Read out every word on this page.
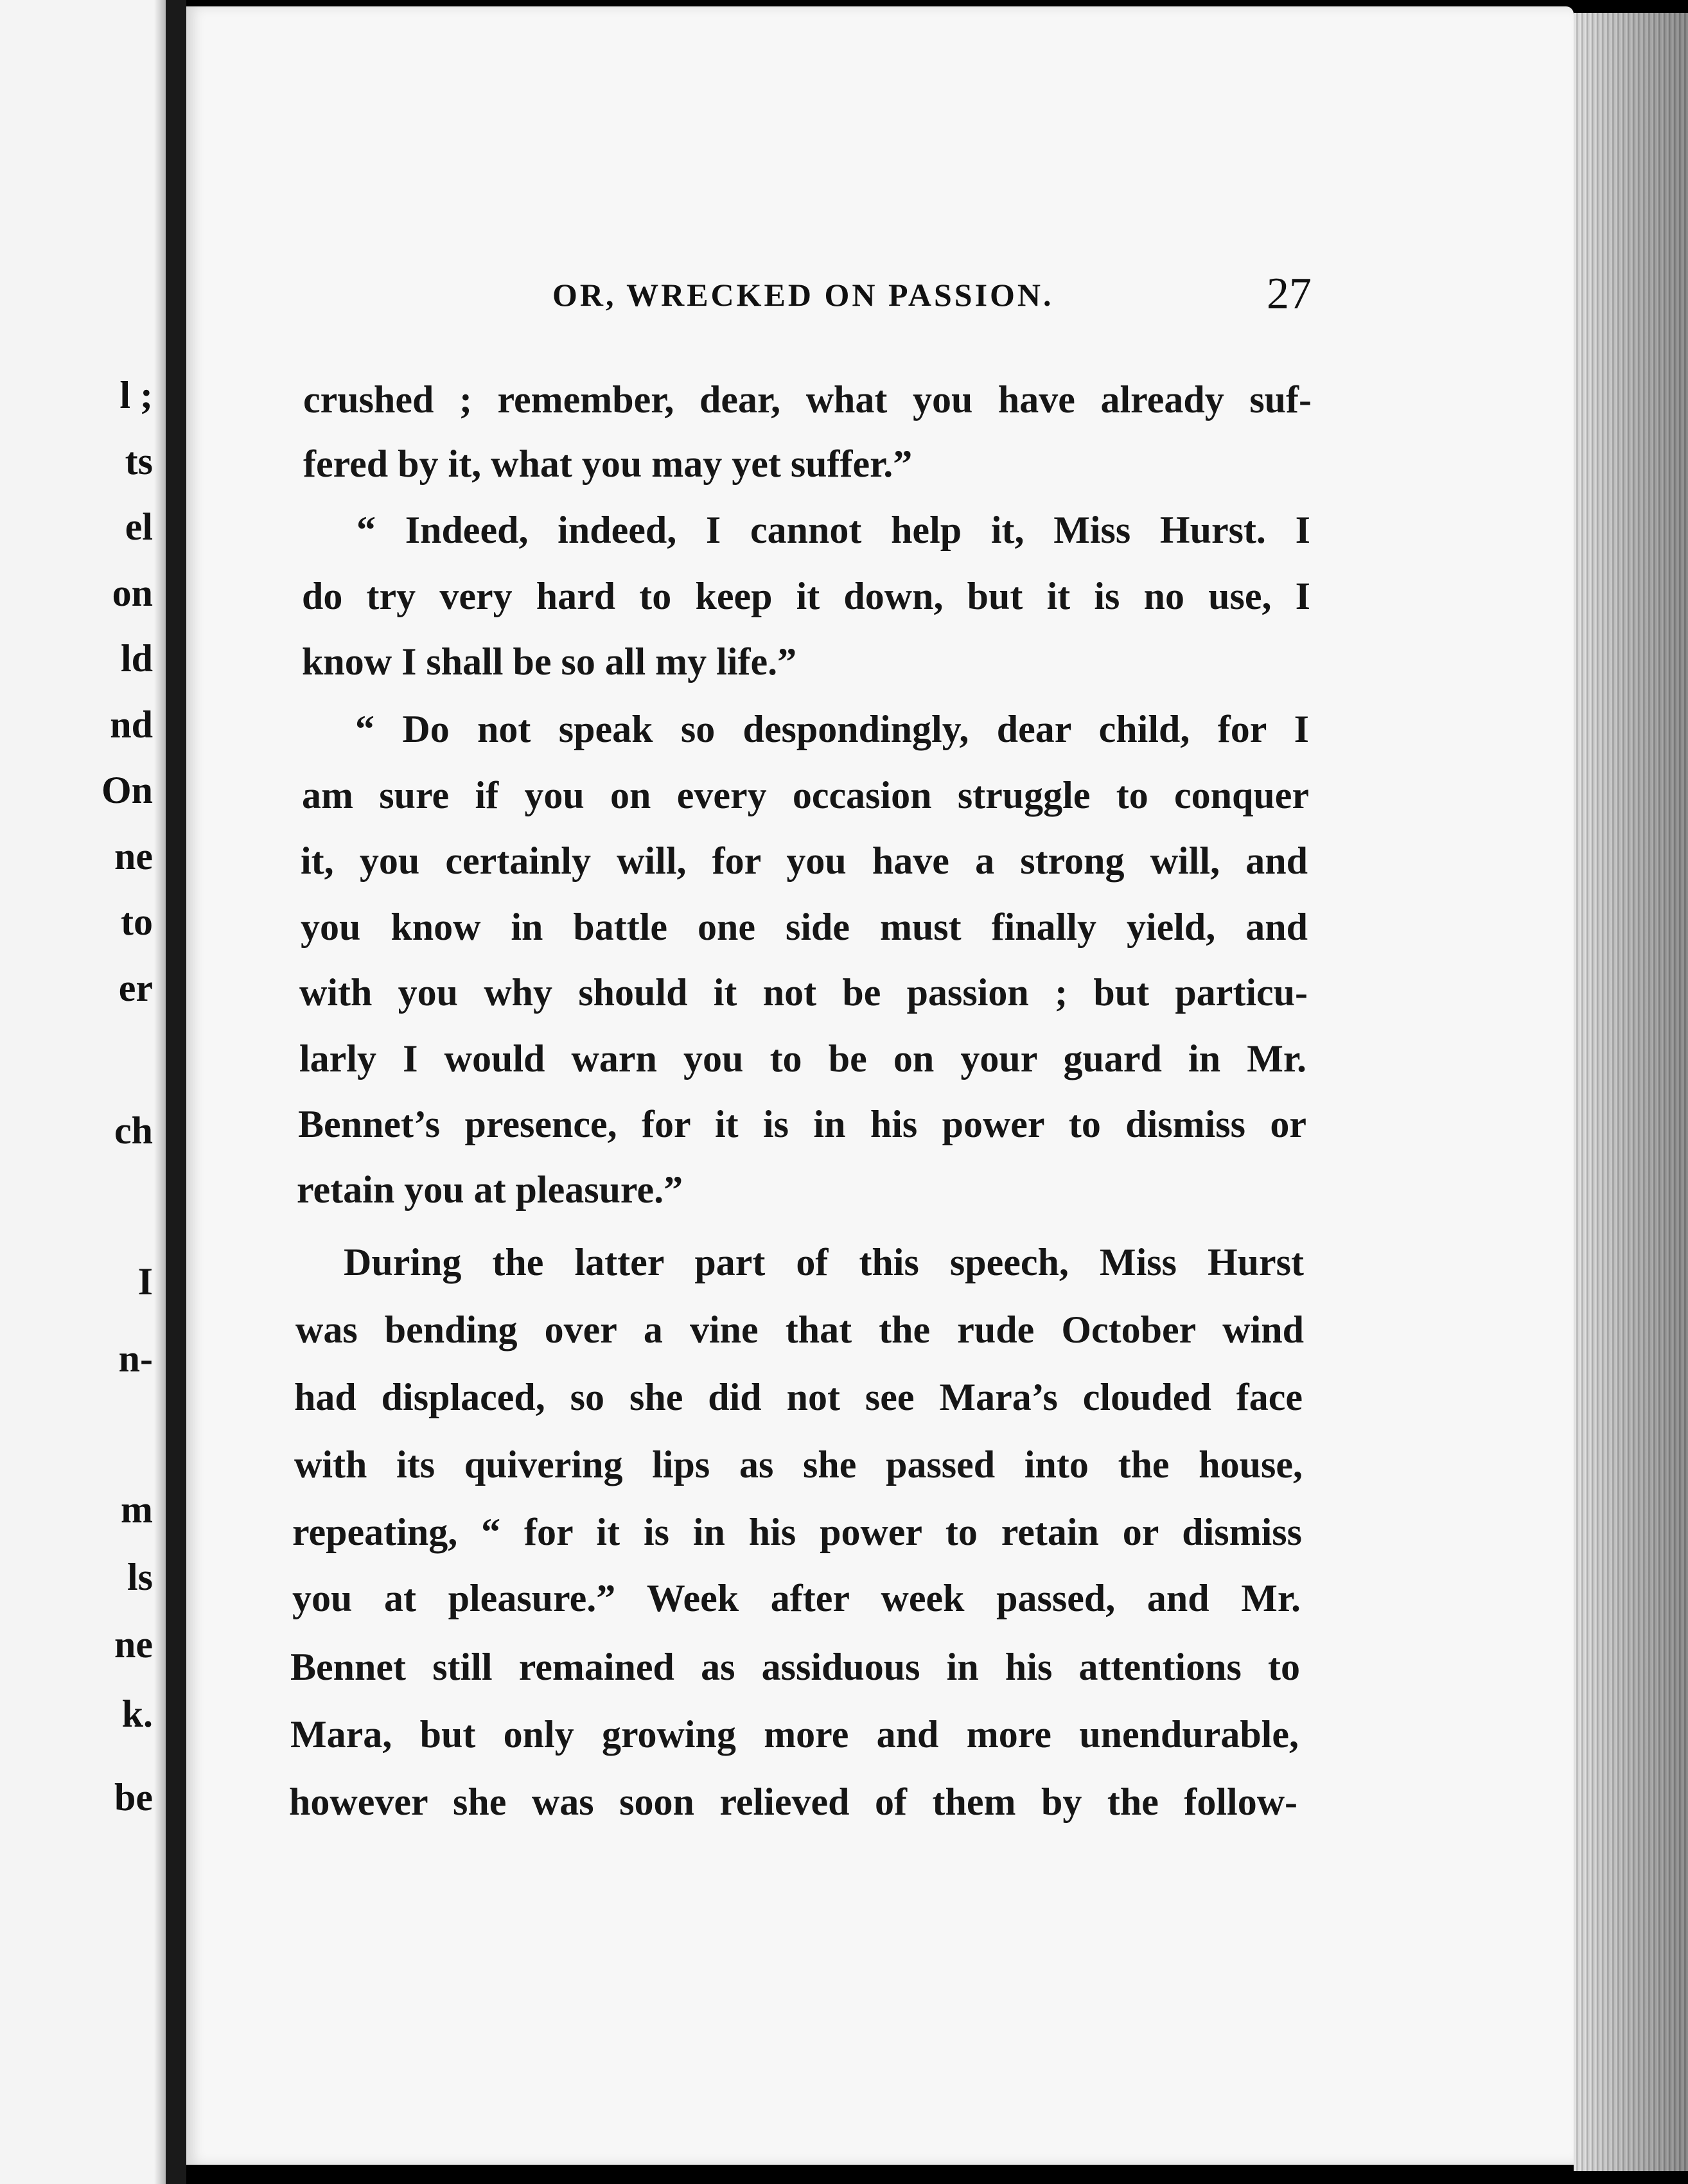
l ;
ts
el
on
ld
nd
On
ne
to
er
ch
I
n-
m
ls
ne
k.
be
OR, WRECKED ON PASSION.	27
crushed ; remember, dear, what you have already suf-
fered by it, what you may yet suffer.”
“ Indeed, indeed, I cannot help it, Miss Hurst. I
do try very hard to keep it down, but it is no use, I
know I shall be so all my life.”
“ Do not speak so despondingly, dear child, for I
am sure if you on every occasion struggle to conquer
it, you certainly will, for you have a strong will, and
you know in battle one side must finally yield, and
with you why should it not be passion ; but particu-
larly I would warn you to be on your guard in Mr.
Bennet’s presence, for it is in his power to dismiss or
retain you at pleasure.”
During the latter part of this speech, Miss Hurst
was bending over a vine that the rude October wind
had displaced, so she did not see Mara’s clouded face
with its quivering lips as she passed into the house,
repeating, “ for it is in his power to retain or dismiss
you at pleasure.” Week after week passed, and Mr.
Bennet still remained as assiduous in his attentions to
Mara, but only growing more and more unendurable,
however she was soon relieved of them by the follow-
